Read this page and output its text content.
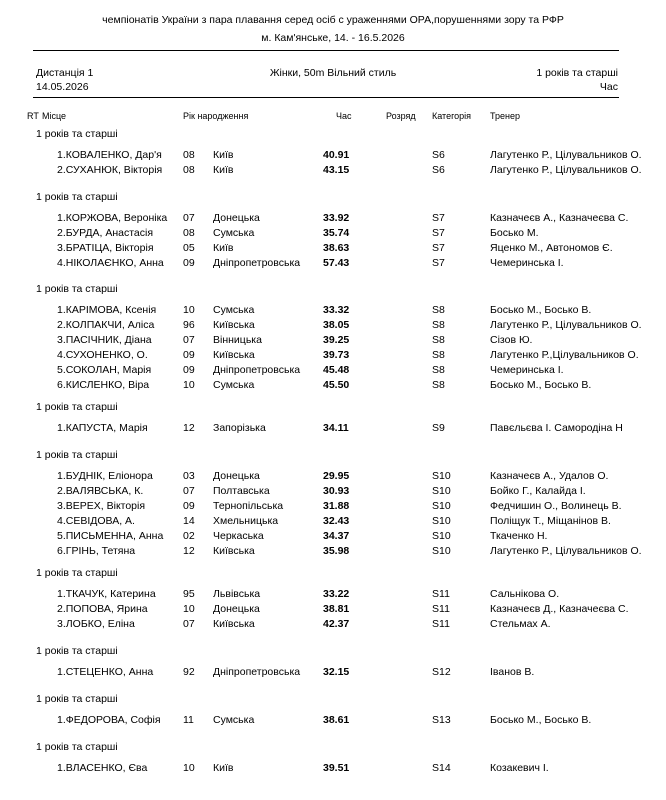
чемпіонатів України з пара плавання серед осіб с ураженнями ОРА,порушеннями зору та РФР
м. Кам'янське, 14. - 16.5.2026
Дистанція 1	Жінки, 50m Вільний стиль	1 років та старші
14.05.2026	Час
RT Місце	Рік народження	Час	Розряд Категорія Тренер
1 років та старші
1.КОВАЛЕНКО, Дар'я 08 Київ	40.91	S6	Лагутенко Р., Цілувальников О.
2.СУХАНЮК, Вікторія 08 Київ	43.15	S6	Лагутенко Р., Цілувальников О.
1 років та старші
1.КОРЖОВА, Вероніка 07 Донецька	33.92	S7	Казначеєв А., Казначеєва С.
2.БУРДА, Анастасія	08 Сумська	35.74	S7	Босько М.
3.БРАТІЦА, Вікторія	05 Київ	38.63	S7	Яценко М., Автономов Є.
4.НІКОЛАЄНКО, Анна 09 Дніпропетровська 57.43	S7	Чемеринська І.
1 років та старші
1.КАРІМОВА, Ксенія	10 Сумська	33.32	S8	Босько М., Босько В.
2.КОЛПАКЧИ, Аліса	96 Київська	38.05	S8	Лагутенко Р., Цілувальников О.
3.ПАСІЧНИК, Діана	07 Вінницька	39.25	S8	Сізов Ю.
4.СУХОНЕНКО, О.	09 Київська	39.73	S8	Лагутенко Р.,Цілувальников О.
5.СОКОЛАН, Марія	09 Дніпропетровська 45.48	S8	Чемеринська І.
6.КИСЛЕНКО, Віра	10 Сумська	45.50	S8	Босько М., Босько В.
1 років та старші
1.КАПУСТА, Марія	12 Запорізька	34.11	S9	Павєльєва І. Самородіна Н
1 років та старші
1.БУДНІК, Еліонора	03 Донецька	29.95	S10	Казначеєв А., Удалов О.
2.ВАЛЯВСЬКА, К.	07 Полтавська	30.93	S10	Бойко Г., Калайда І.
3.ВЕРЕХ, Вікторія	09 Тернопільська	31.88	S10	Федчишин О., Волинець В.
4.СЕВІДОВА, А.	14 Хмельницька	32.43	S10	Поліщук Т., Міщанінов В.
5.ПИСЬМЕННА, Анна 02 Черкаська	34.37	S10	Ткаченко Н.
6.ГРІНЬ, Тетяна	12 Київська	35.98	S10	Лагутенко Р., Цілувальников О.
1 років та старші
1.ТКАЧУК, Катерина	95 Львівська	33.22	S11	Сальнікова О.
2.ПОПОВА, Ярина	10 Донецька	38.81	S11	Казначеєв Д., Казначеєва С.
3.ЛОБКО, Еліна	07 Київська	42.37	S11	Стельмах А.
1 років та старші
1.СТЕЦЕНКО, Анна	92 Дніпропетровська 32.15	S12	Іванов В.
1 років та старші
1.ФЕДОРОВА, Софія 11 Сумська	38.61	S13	Босько М., Босько В.
1 років та старші
1.ВЛАСЕНКО, Єва	10 Київ	39.51	S14	Козакевич І.
